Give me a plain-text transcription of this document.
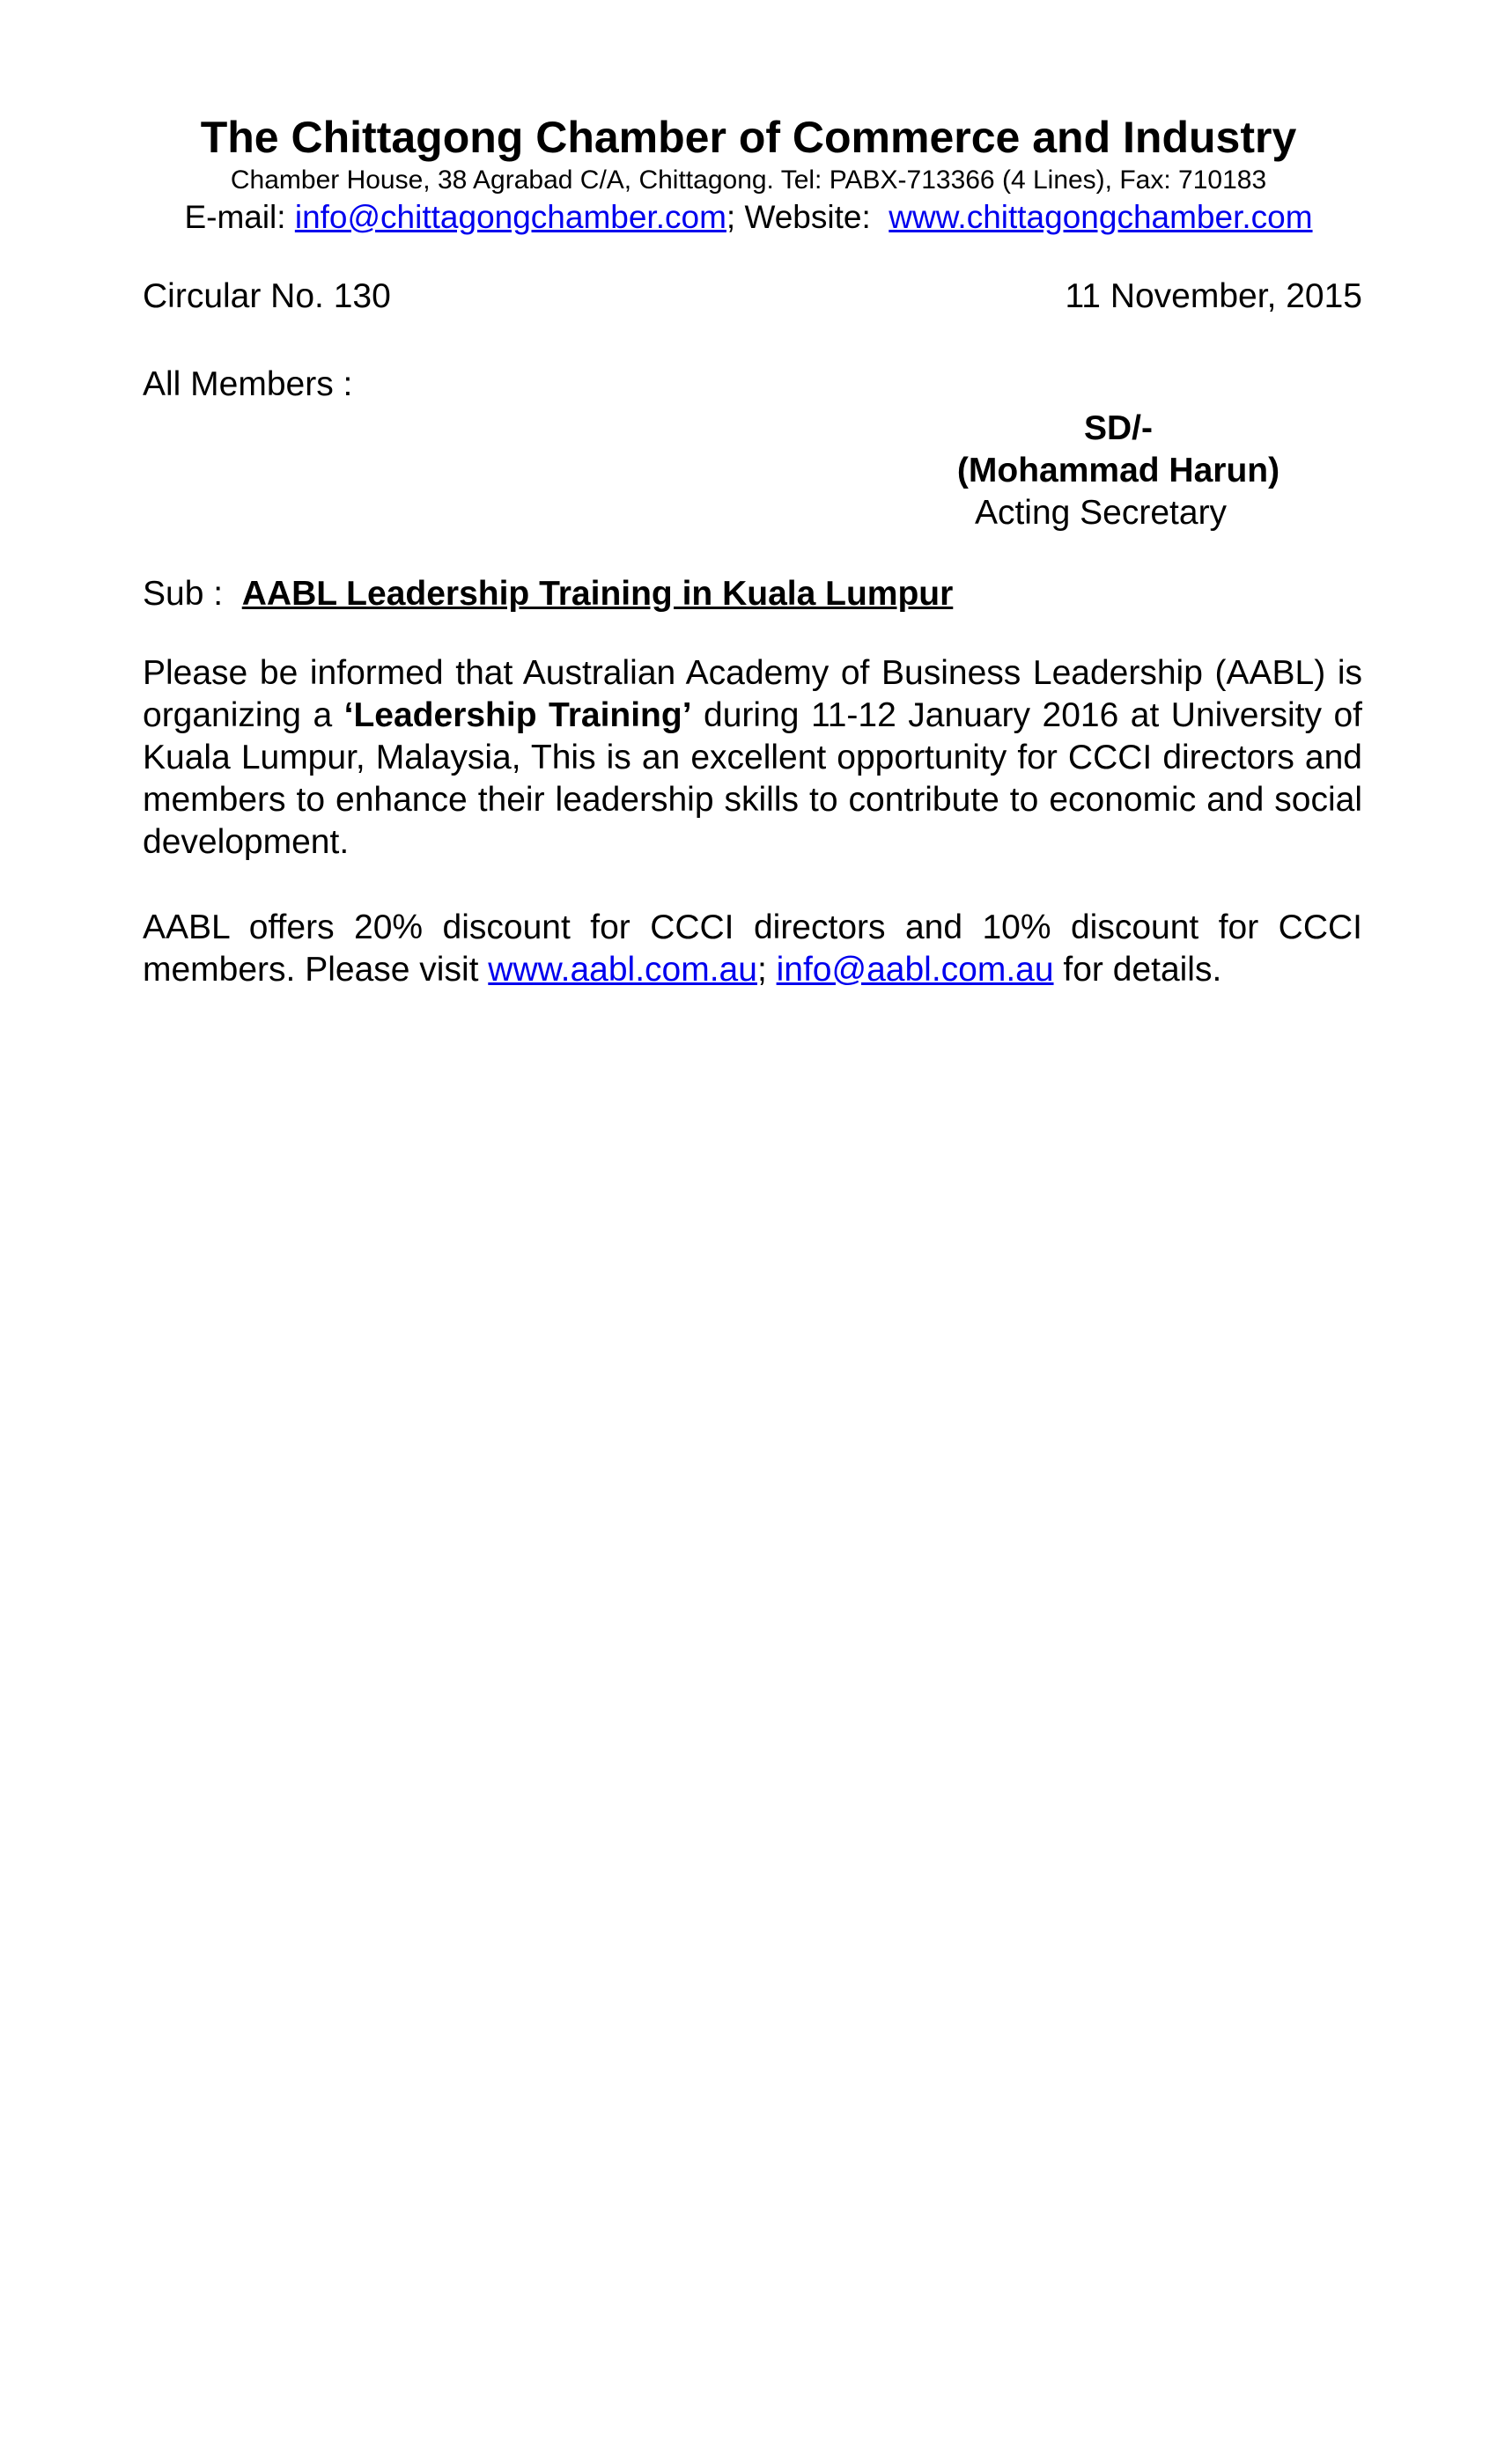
The Chittagong Chamber of Commerce and Industry

Chamber House, 38 Agrabad C/A, Chittagong. Tel: PABX-713366 (4 Lines), Fax: 710183

E-mail: info@chittagongchamber.com; Website:  www.chittagongchamber.com

Circular No. 130	11 November, 2015
All Members :
SD/-
(Mohammad Harun)
Acting Secretary
Sub :  AABL Leadership Training in Kuala Lumpur

Please be informed that Australian Academy of Business Leadership (AABL) is organizing a ‘Leadership Training’ during 11-12 January 2016 at University of Kuala Lumpur, Malaysia, This is an excellent opportunity for CCCI directors and members to enhance their leadership skills to contribute to economic and social development.

AABL offers 20% discount for CCCI directors and 10% discount for CCCI members. Please visit www.aabl.com.au; info@aabl.com.au for details.
